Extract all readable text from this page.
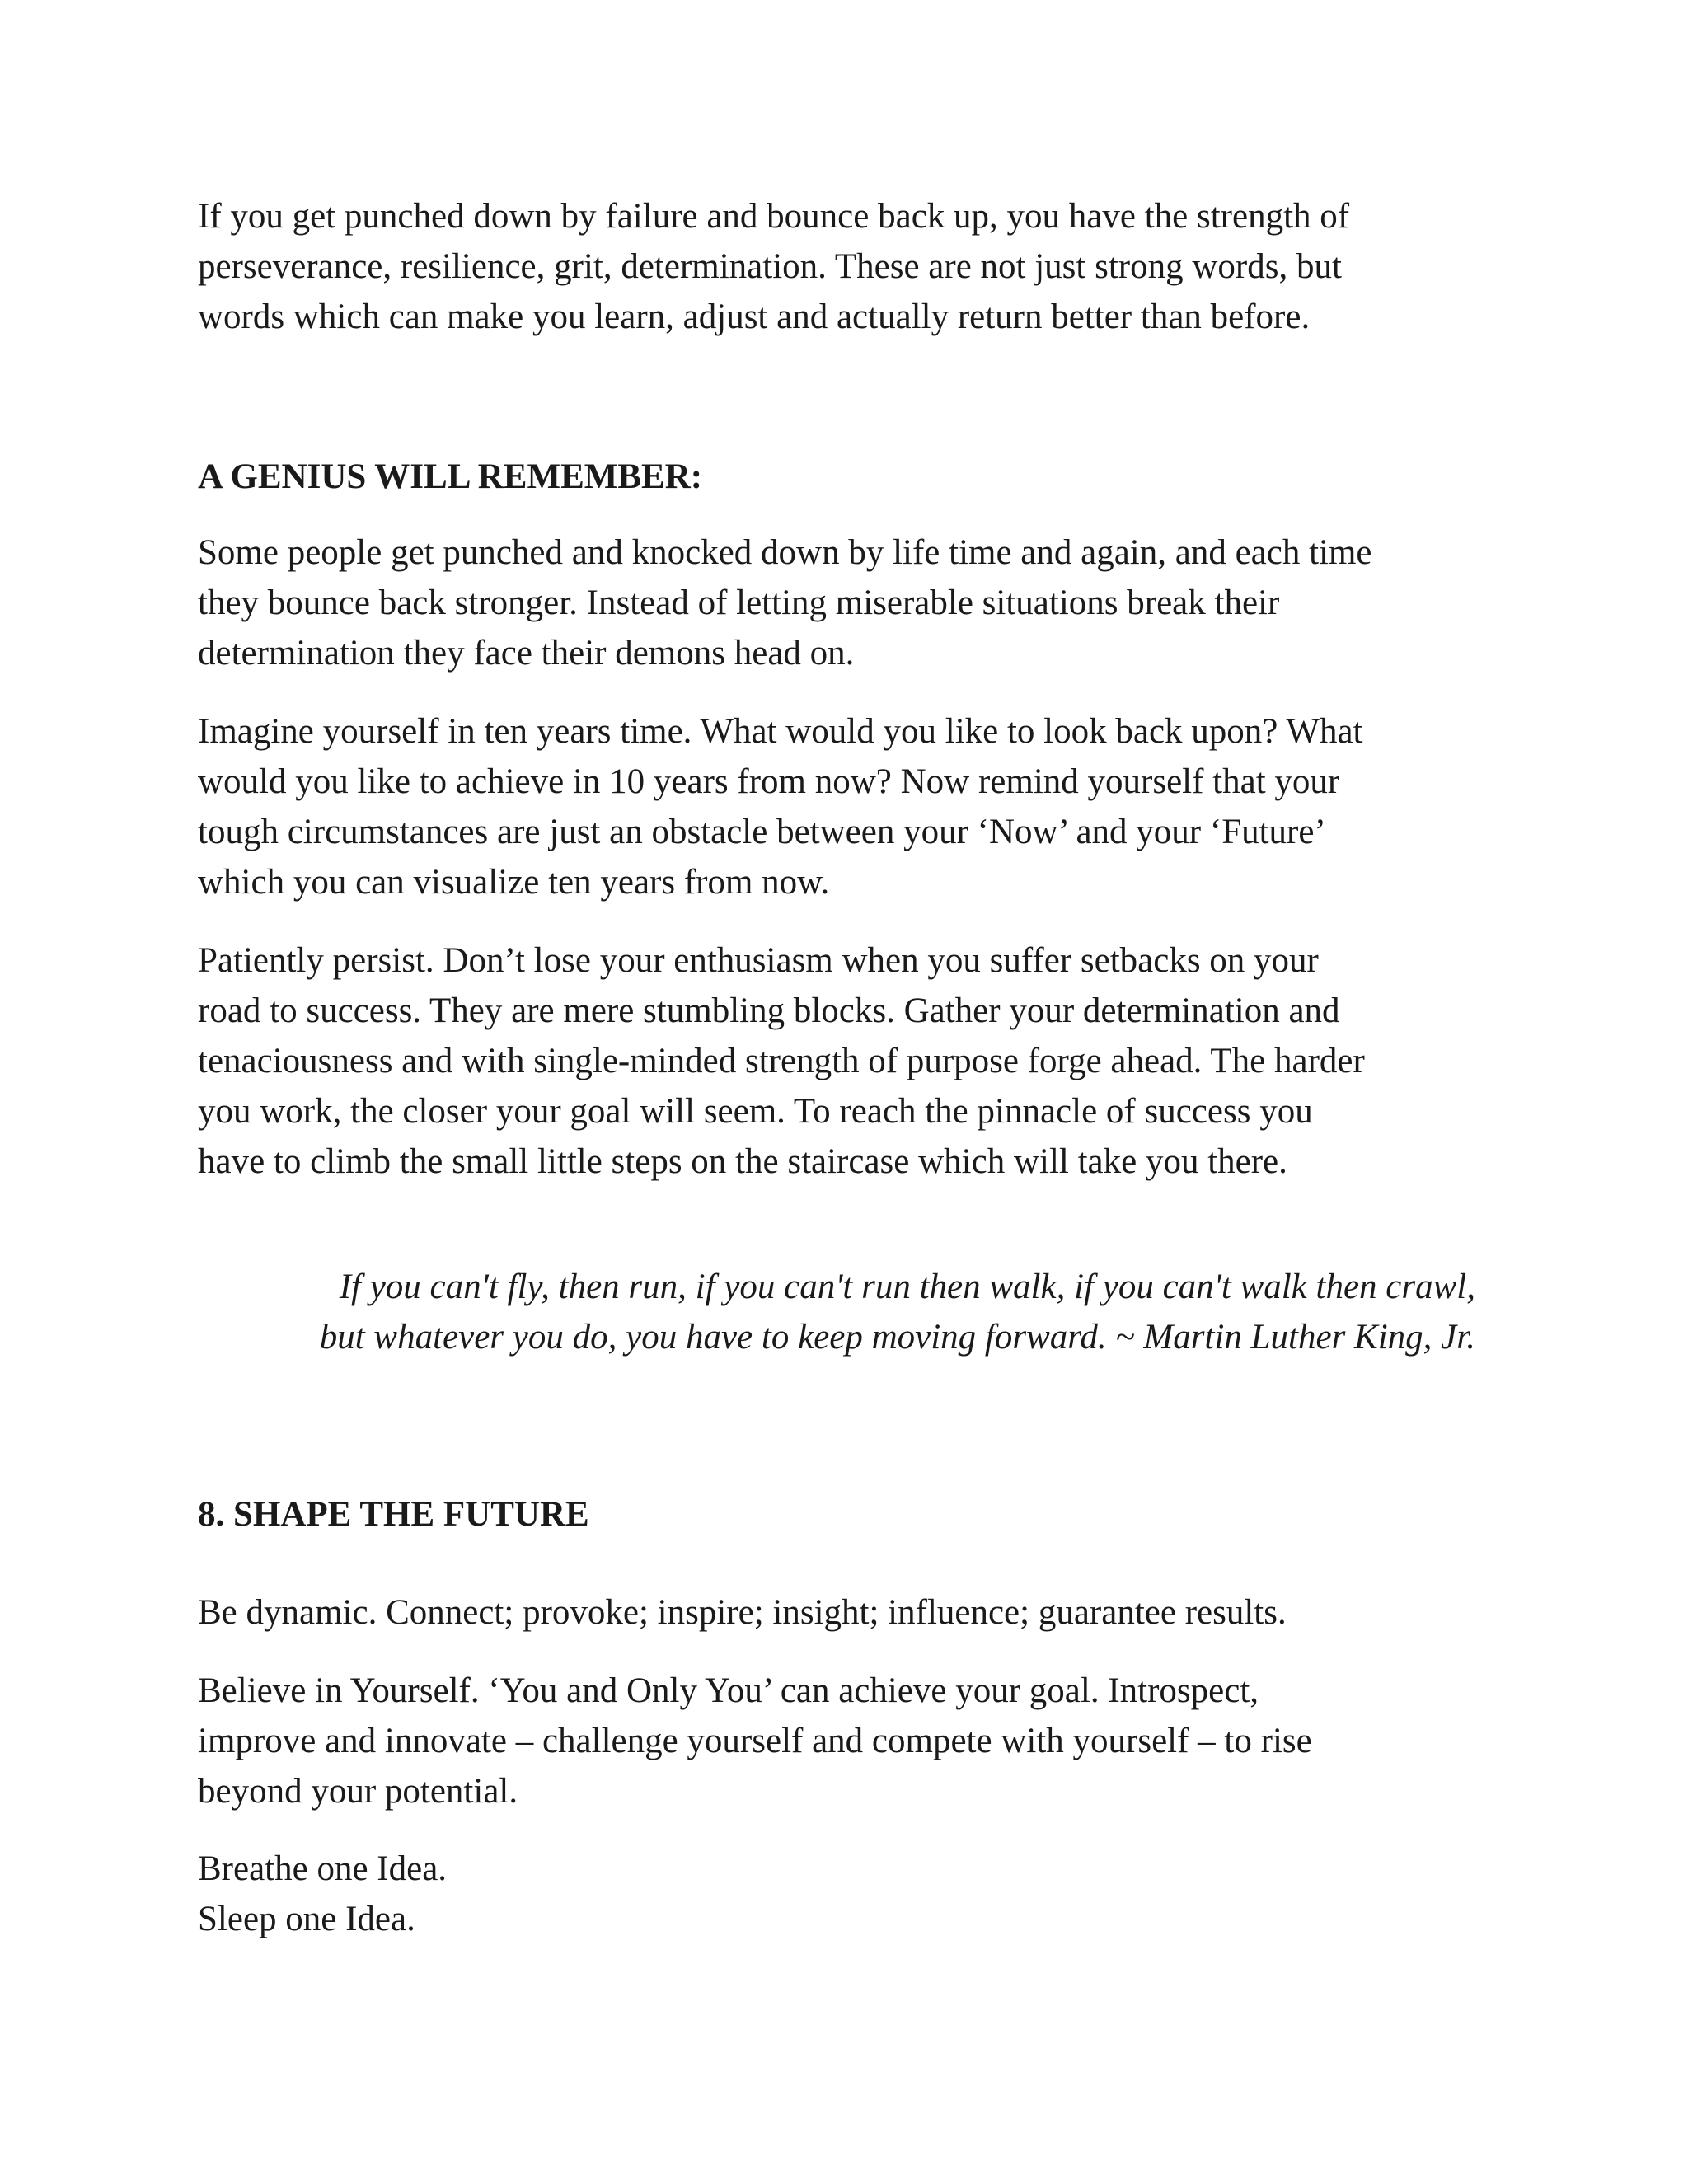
If you get punched down by failure and bounce back up, you have the strength of
perseverance, resilience, grit, determination. These are not just strong words, but
words which can make you learn, adjust and actually return better than before.
A GENIUS WILL REMEMBER:
Some people get punched and knocked down by life time and again, and each time
they bounce back stronger. Instead of letting miserable situations break their
determination they face their demons head on.
Imagine yourself in ten years time. What would you like to look back upon? What
would you like to achieve in 10 years from now? Now remind yourself that your
tough circumstances are just an obstacle between your ‘Now’ and your ‘Future’
which you can visualize ten years from now.
Patiently persist. Don’t lose your enthusiasm when you suffer setbacks on your
road to success. They are mere stumbling blocks. Gather your determination and
tenaciousness and with single-minded strength of purpose forge ahead. The harder
you work, the closer your goal will seem. To reach the pinnacle of success you
have to climb the small little steps on the staircase which will take you there.
If you can't fly, then run, if you can't run then walk, if you can't walk then crawl,
but whatever you do, you have to keep moving forward. ~ Martin Luther King, Jr.
8. SHAPE THE FUTURE
Be dynamic. Connect; provoke; inspire; insight; influence; guarantee results.
Believe in Yourself. ‘You and Only You’ can achieve your goal. Introspect,
improve and innovate – challenge yourself and compete with yourself – to rise
beyond your potential.
Breathe one Idea.
Sleep one Idea.
